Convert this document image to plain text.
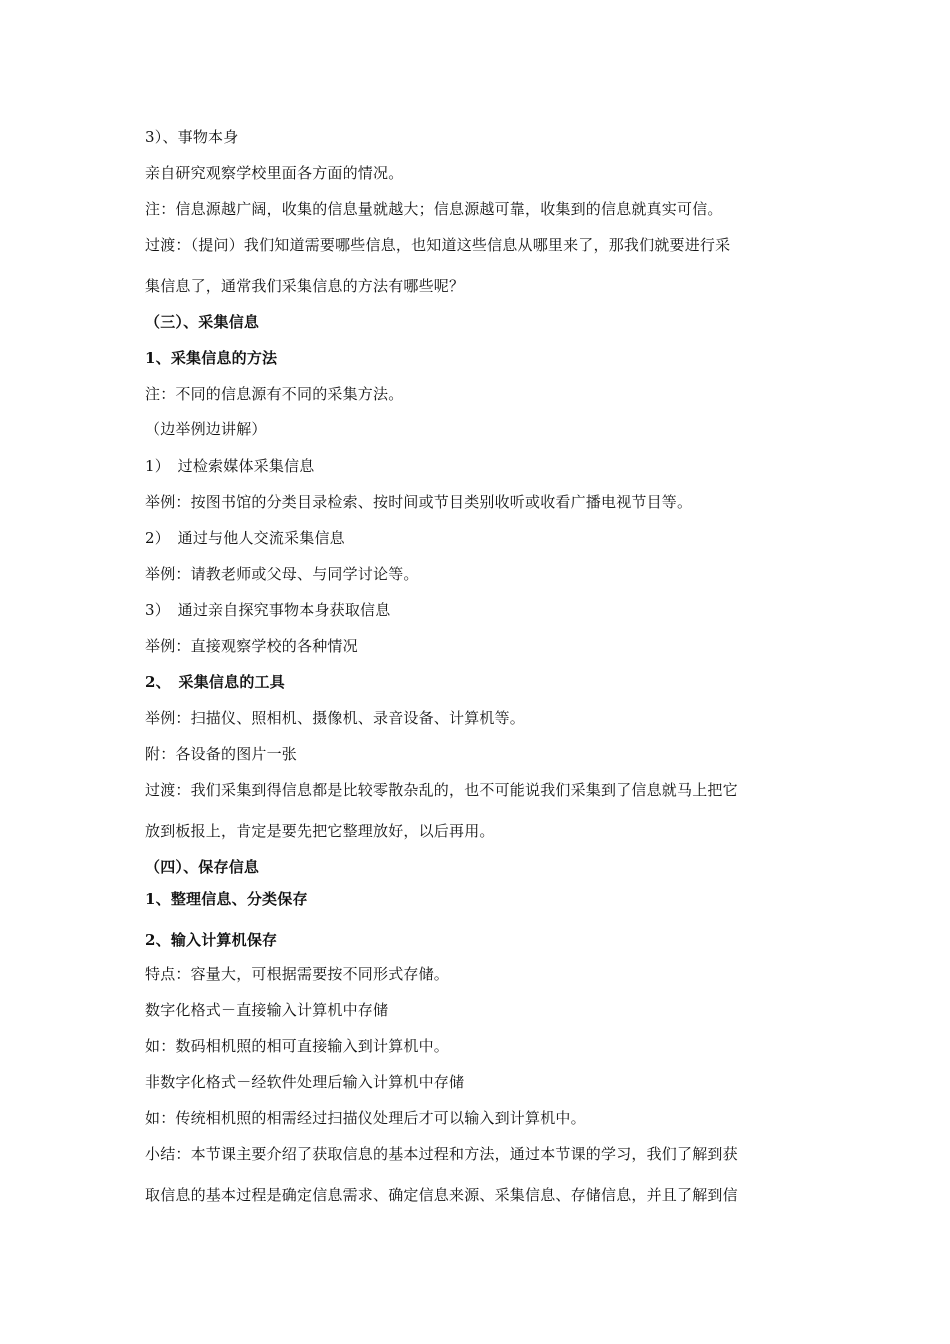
3）、事物本身
亲自研究观察学校里面各方面的情况。
注：信息源越广阔，收集的信息量就越大；信息源越可靠，收集到的信息就真实可信。
过渡：（提问）我们知道需要哪些信息，也知道这些信息从哪里来了，那我们就要进行采
集信息了，通常我们采集信息的方法有哪些呢？
（三）、采集信息
1、采集信息的方法
注：不同的信息源有不同的采集方法。
（边举例边讲解）
1）　过检索媒体采集信息
举例：按图书馆的分类目录检索、按时间或节目类别收听或收看广播电视节目等。
2）　通过与他人交流采集信息
举例：请教老师或父母、与同学讨论等。
3）　通过亲自探究事物本身获取信息
举例：直接观察学校的各种情况
2、　采集信息的工具
举例：扫描仪、照相机、摄像机、录音设备、计算机等。
附：各设备的图片一张
过渡：我们采集到得信息都是比较零散杂乱的，也不可能说我们采集到了信息就马上把它
放到板报上，肯定是要先把它整理放好，以后再用。
（四）、保存信息
1、整理信息、分类保存
2、输入计算机保存
特点：容量大，可根据需要按不同形式存储。
数字化格式－直接输入计算机中存储
如：数码相机照的相可直接输入到计算机中。
非数字化格式－经软件处理后输入计算机中存储
如：传统相机照的相需经过扫描仪处理后才可以输入到计算机中。
小结：本节课主要介绍了获取信息的基本过程和方法，通过本节课的学习，我们了解到获
取信息的基本过程是确定信息需求、确定信息来源、采集信息、存储信息，并且了解到信
